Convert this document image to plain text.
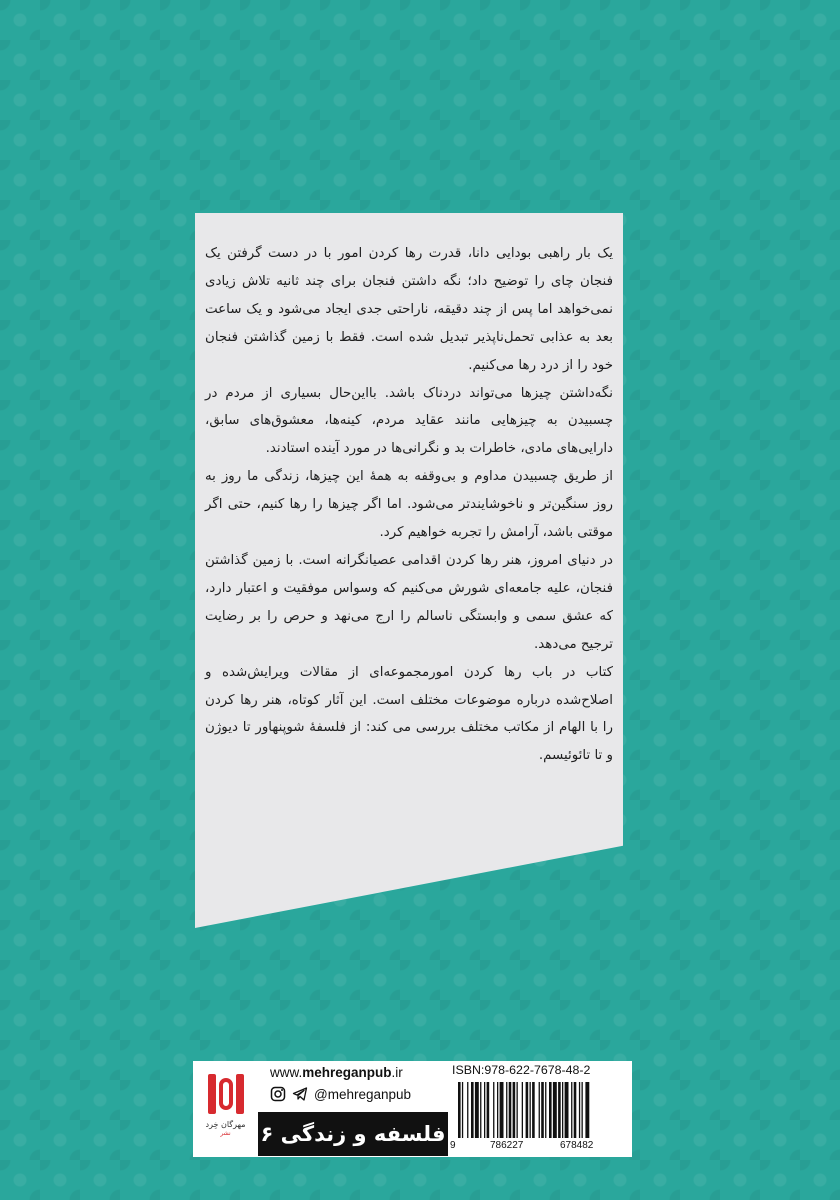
یک بار راهبی بودایی دانا، قدرت رها کردن امور با در دست گرفتن یک فنجان چای را توضیح داد؛ نگه داشتن فنجان برای چند ثانیه تلاش زیادی نمی‌خواهد اما پس از چند دقیقه، ناراحتی جدی ایجاد می‌شود و یک ساعت بعد به عذابی تحمل‌ناپذیر تبدیل شده است. فقط با زمین گذاشتن فنجان خود را از درد رها می‌کنیم.

نگه‌داشتن چیزها می‌تواند دردناک باشد. بااین‌حال بسیاری از مردم در چسبیدن به چیزهایی مانند عقاید مردم، کینه‌ها، معشوق‌های سابق، دارایی‌های مادی، خاطرات بد و نگرانی‌ها در مورد آینده استادند.

از طریق چسبیدن مداوم و بی‌وقفه به همهٔ این چیزها، زندگی ما روز به روز سنگین‌تر و ناخوشایندتر می‌شود. اما اگر چیزها را رها کنیم، حتی اگر موقتی باشد، آرامش را تجربه خواهیم کرد.

در دنیای امروز، هنر رها کردن اقدامی عصیانگرانه است. با زمین گذاشتن فنجان، علیه جامعه‌ای شورش می‌کنیم که وسواس موفقیت و اعتبار دارد، که عشق سمی و وابستگی ناسالم را ارج می‌نهد و حرص را بر رضایت ترجیح می‌دهد.

کتاب در باب رها کردن امورمجموعه‌ای از مقالات ویرایش‌شده و اصلاح‌شده درباره موضوعات مختلف است. این آثار کوتاه، هنر رها کردن را با الهام از مکاتب مختلف بررسی می کند: از فلسفهٔ شوپنهاور تا دیوژن و تا تائوئیسم.

مهرگان خِرد
نشر
www.mehreganpub.ir
@mehreganpub
فلسفه و زندگی ۶
ISBN:978-622-7678-48-2
9	786227	678482
